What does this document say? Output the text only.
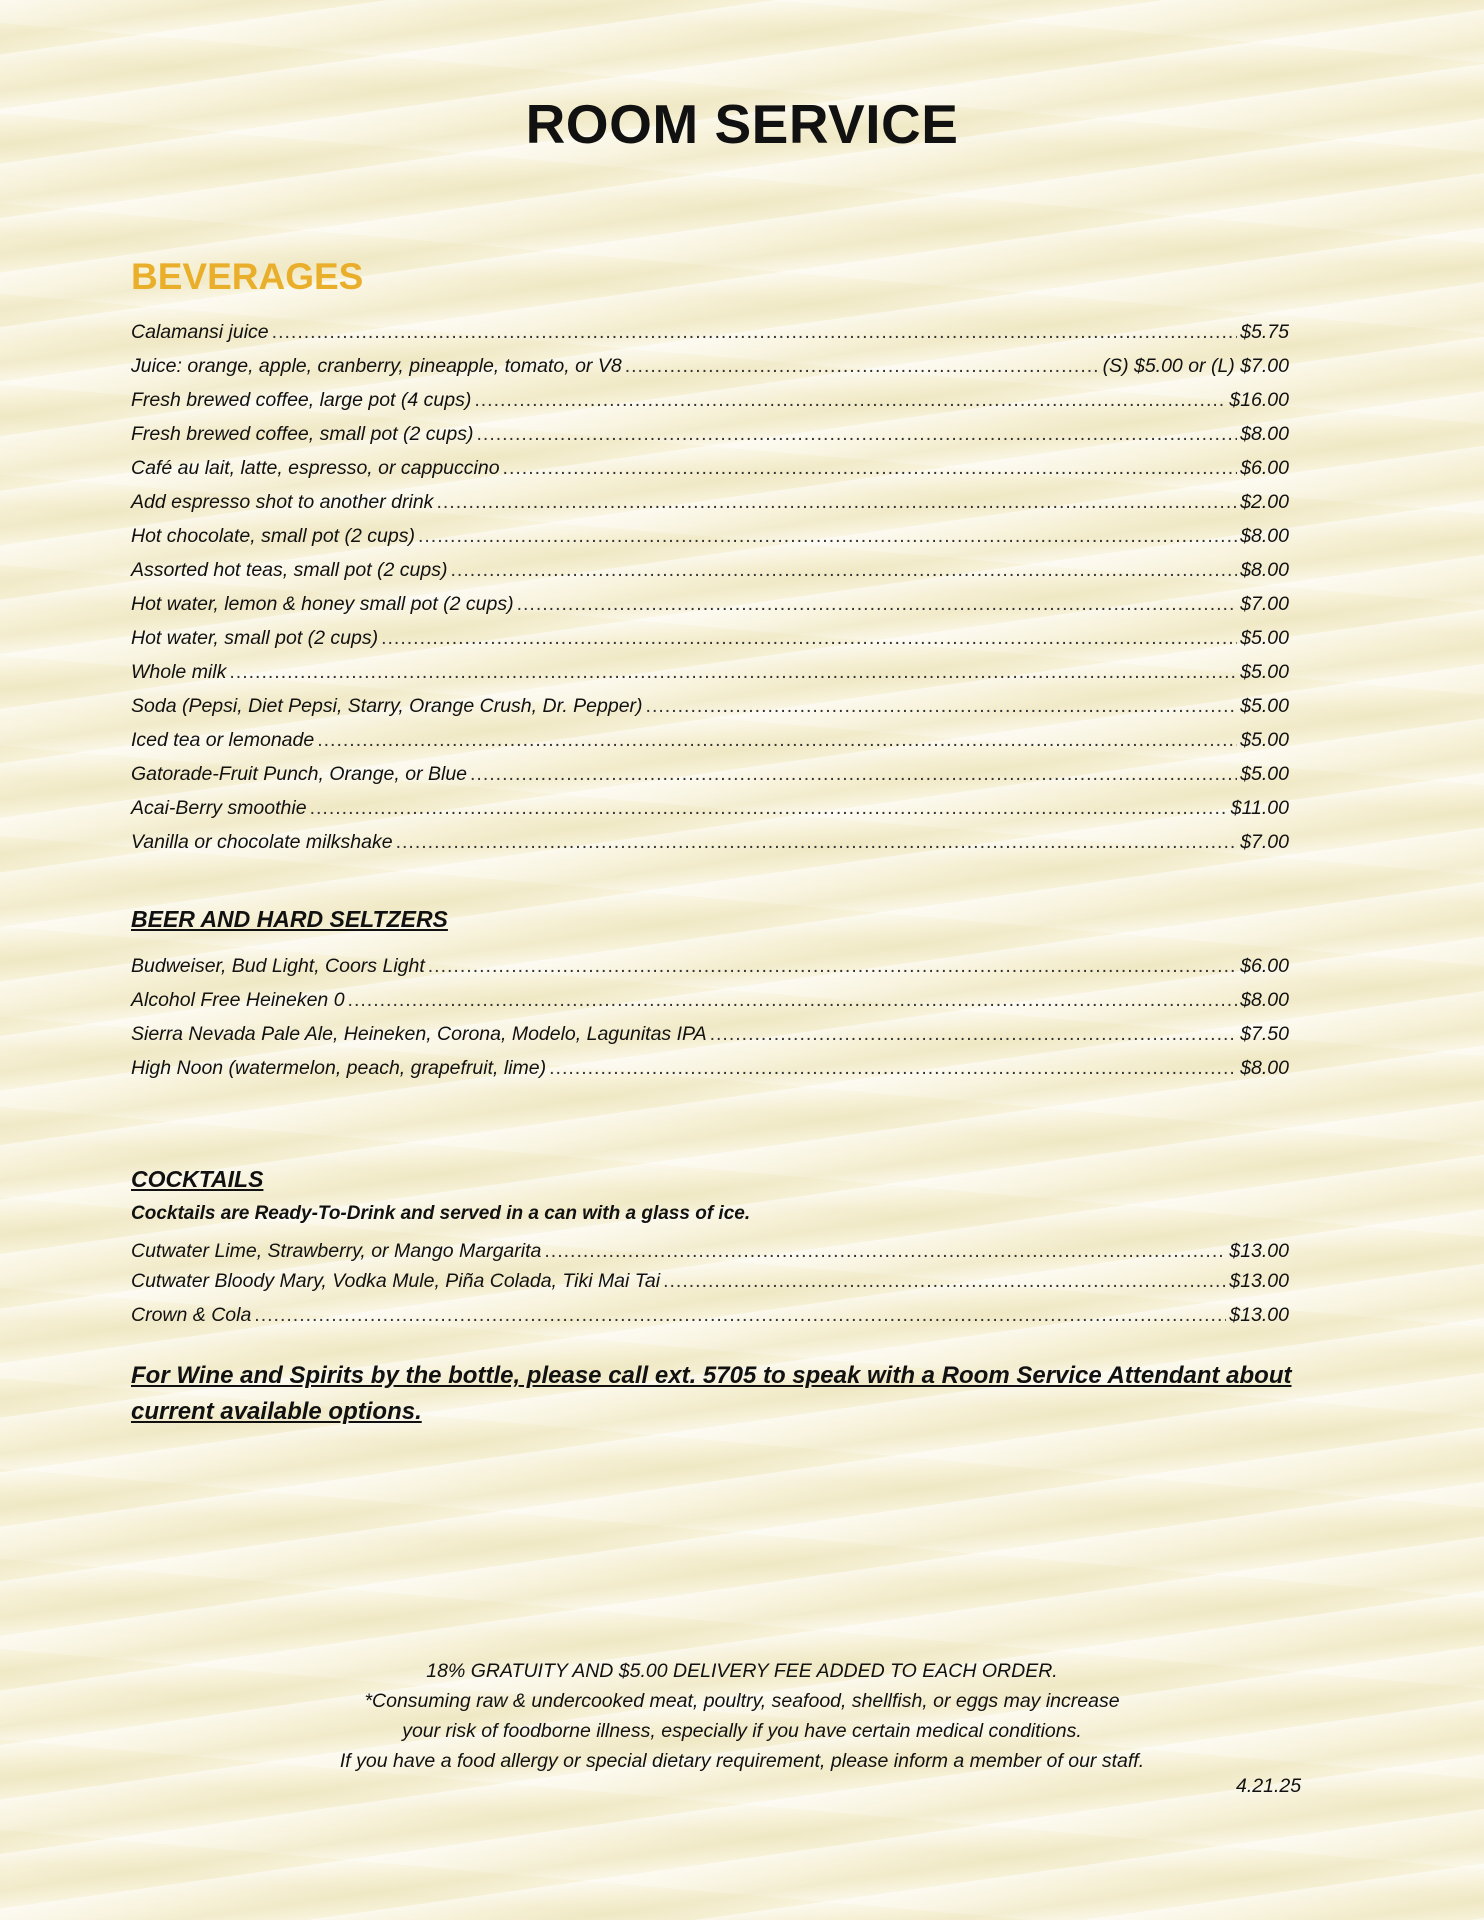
ROOM SERVICE
BEVERAGES
Calamansi juice .....	$5.75
Juice: orange, apple, cranberry, pineapple, tomato, or V8 .....	(S) $5.00 or (L) $7.00
Fresh brewed coffee, large pot (4 cups) .....	$16.00
Fresh brewed coffee, small pot (2 cups) .....	$8.00
Café au lait, latte, espresso, or cappuccino .....	$6.00
Add espresso shot to another drink .....	$2.00
Hot chocolate, small pot (2 cups) .....	$8.00
Assorted hot teas, small pot (2 cups) .....	$8.00
Hot water, lemon & honey small pot (2 cups) .....	$7.00
Hot water, small pot (2 cups) .....	$5.00
Whole milk .....	$5.00
Soda (Pepsi, Diet Pepsi, Starry, Orange Crush, Dr. Pepper) .....	$5.00
Iced tea or lemonade .....	$5.00
Gatorade-Fruit Punch, Orange, or Blue .....	$5.00
Acai-Berry smoothie .....	$11.00
Vanilla or chocolate milkshake .....	$7.00
BEER AND HARD SELTZERS
Budweiser, Bud Light, Coors Light .....	$6.00
Alcohol Free Heineken 0 .....	$8.00
Sierra Nevada Pale Ale, Heineken, Corona, Modelo, Lagunitas IPA .....	$7.50
High Noon (watermelon, peach, grapefruit, lime) .....	$8.00
COCKTAILS
Cocktails are Ready-To-Drink and served in a can with a glass of ice.
Cutwater Lime, Strawberry, or Mango Margarita .....	$13.00
Cutwater Bloody Mary, Vodka Mule, Piña Colada, Tiki Mai Tai .....	$13.00
Crown & Cola .....	$13.00
For Wine and Spirits by the bottle, please call ext. 5705 to speak with a Room Service Attendant about current available options.
18% GRATUITY AND $5.00 DELIVERY FEE ADDED TO EACH ORDER.
*Consuming raw & undercooked meat, poultry, seafood, shellfish, or eggs may increase
your risk of foodborne illness, especially if you have certain medical conditions.
If you have a food allergy or special dietary requirement, please inform a member of our staff.
4.21.25
